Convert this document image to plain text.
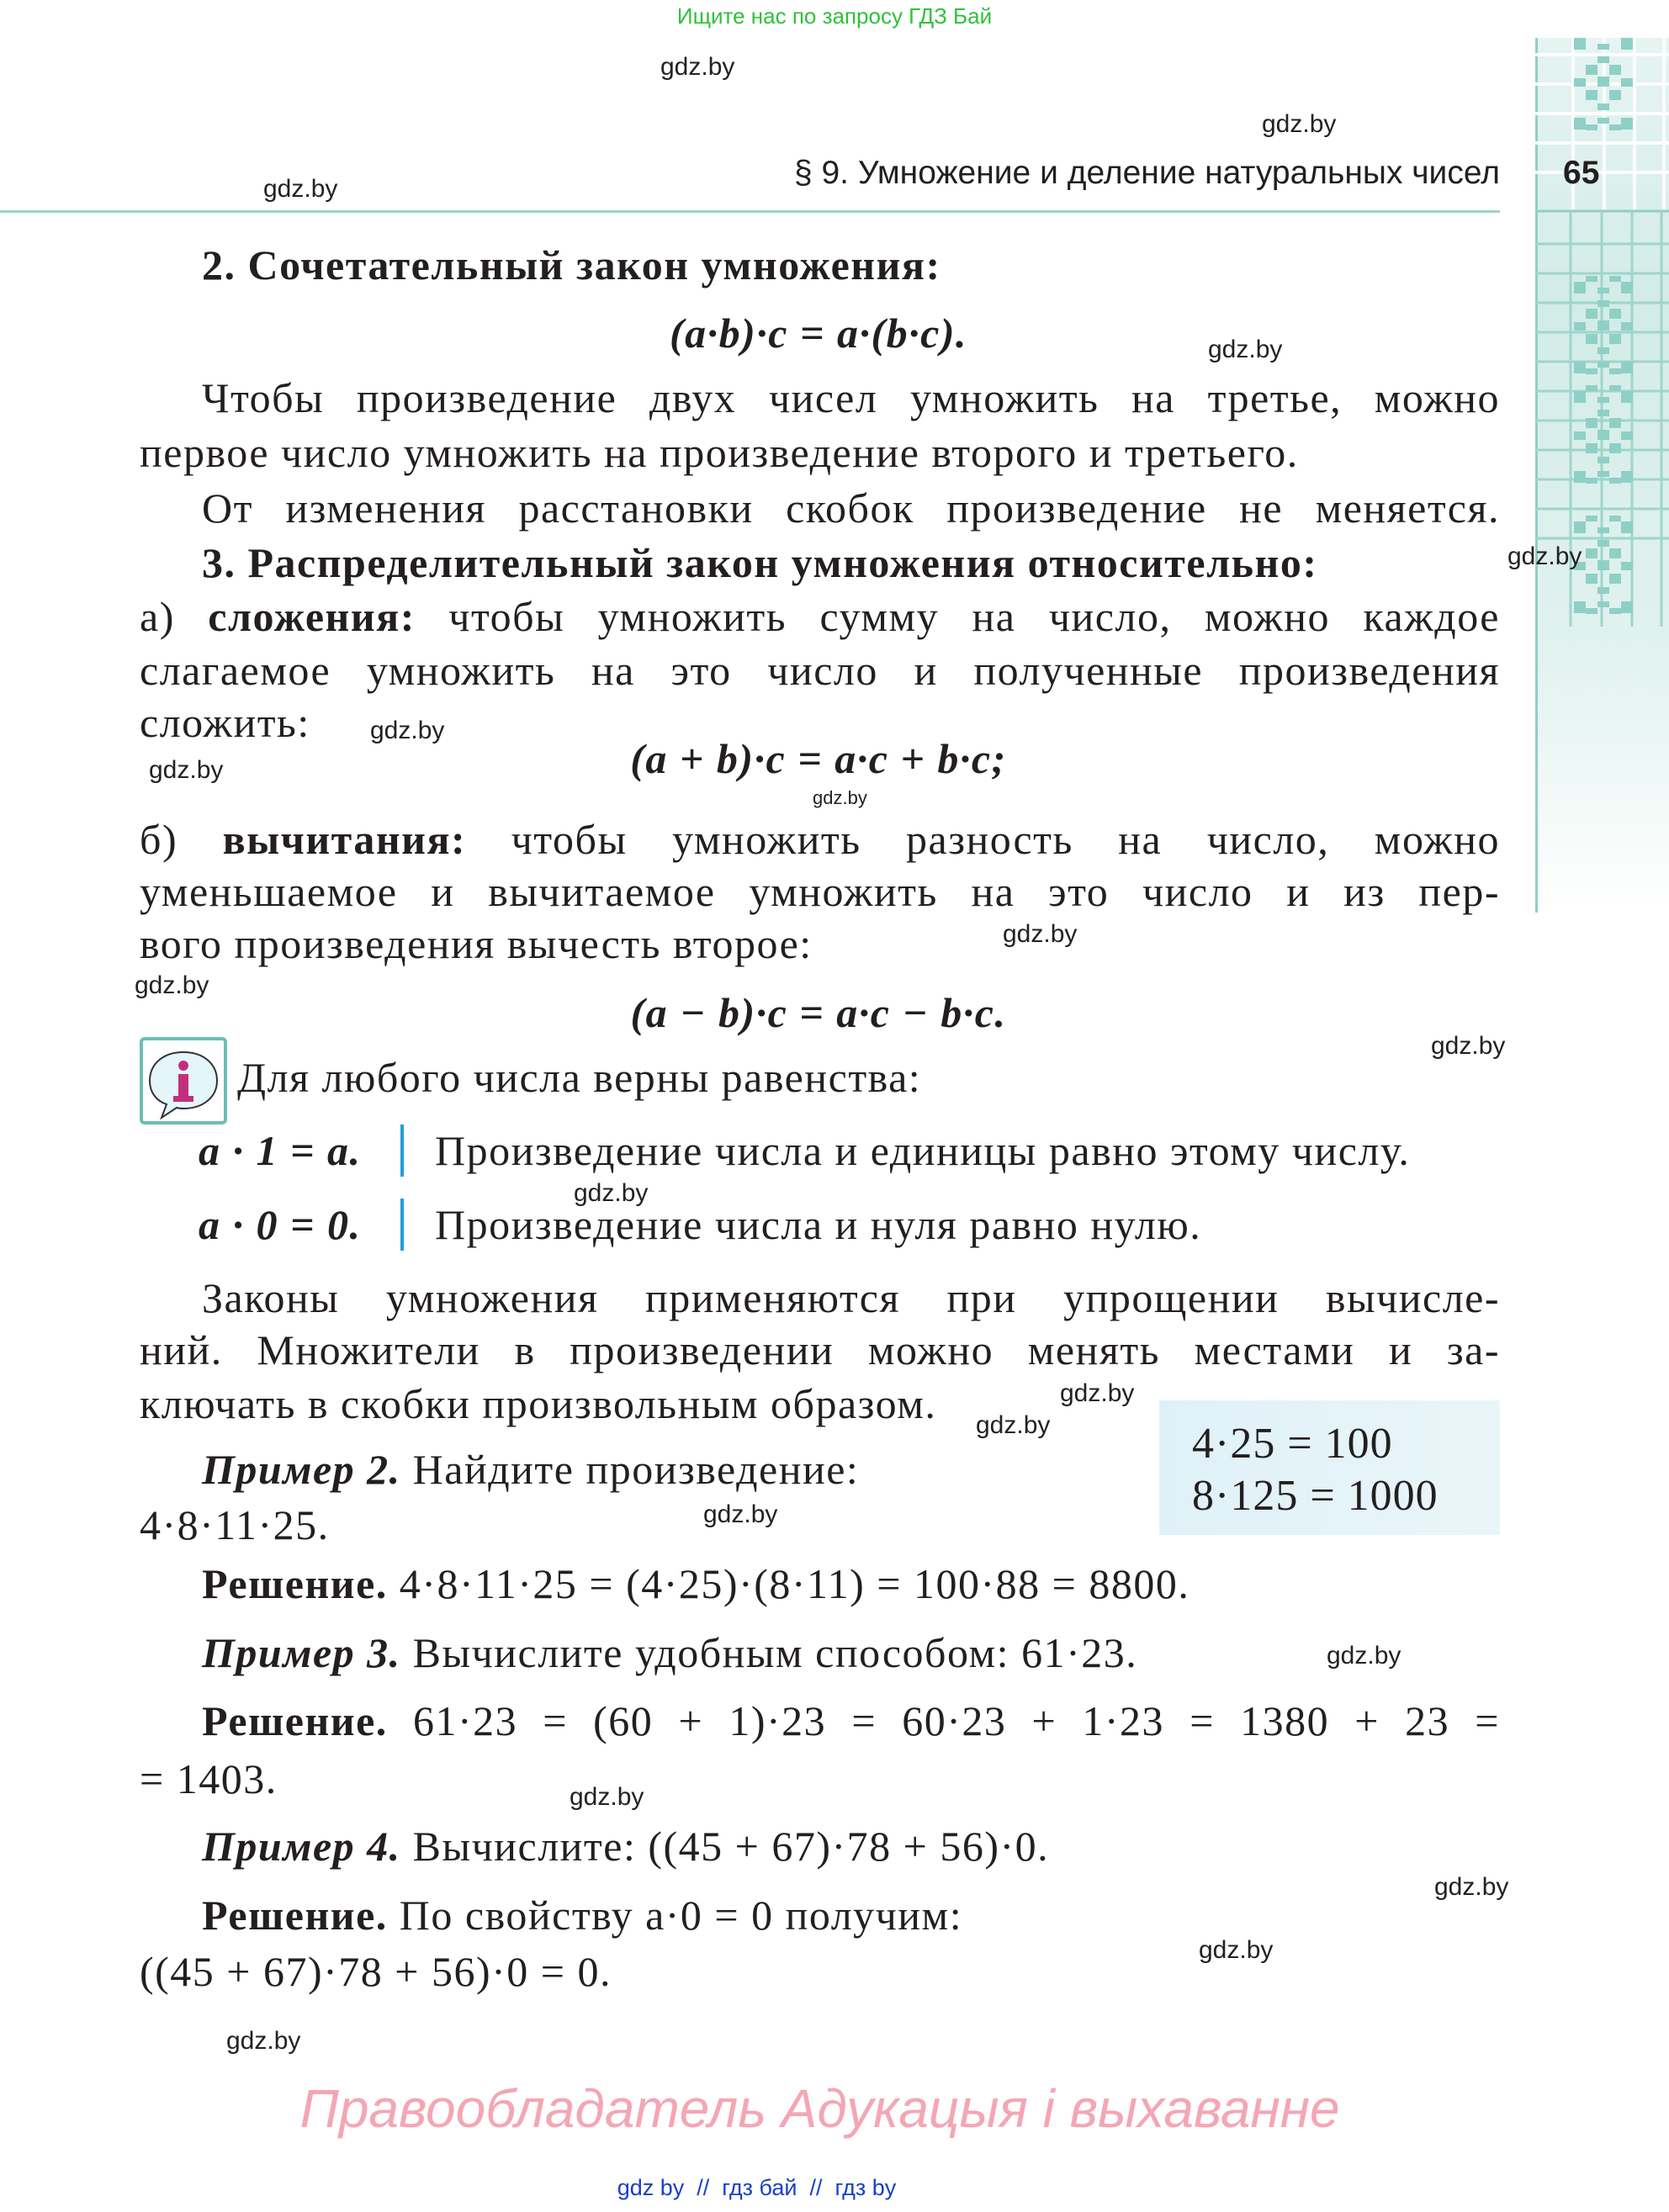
Ищите нас по запросу ГДЗ Бай
§ 9. Умножение и деление натуральных чисел 65
2. Сочетательный закон умножения:
(a·b)·c = a·(b·c).
Чтобы произведение двух чисел умножить на третье, можно
первое число умножить на произведение второго и третьего.
От изменения расстановки скобок произведение не меняется.
3. Распределительный закон умножения относительно:
а) сложения: чтобы умножить сумму на число, можно каждое
слагаемое умножить на это число и полученные произведения
сложить:
(a + b)·c = a·c + b·c;
б) вычитания: чтобы умножить разность на число, можно
уменьшаемое и вычитаемое умножить на это число и из пер-
вого произведения вычесть второе:
(a − b)·c = a·c − b·c.
Для любого числа верны равенства:
a · 1 = a. Произведение числа и единицы равно этому числу.
a · 0 = 0. Произведение числа и нуля равно нулю.
Законы умножения применяются при упрощении вычисле-
ний. Множители в произведении можно менять местами и за-
ключать в скобки произвольным образом.
4·25 = 100
8·125 = 1000
Пример 2. Найдите произведение:
4·8·11·25.
Решение. 4·8·11·25 = (4·25)·(8·11) = 100·88 = 8800.
Пример 3. Вычислите удобным способом: 61·23.
Решение. 61·23 = (60 + 1)·23 = 60·23 + 1·23 = 1380 + 23 =
= 1403.
Пример 4. Вычислите: ((45 + 67)·78 + 56)·0.
Решение. По свойству a·0 = 0 получим:
((45 + 67)·78 + 56)·0 = 0.
gdz.by
gdz.by
gdz.by
gdz.by
gdz.by
gdz.by
gdz.by
gdz.by
gdz.by
gdz.by
gdz.by
gdz.by
gdz.by
gdz.by
gdz.by
gdz.by
gdz.by
gdz.by
gdz.by
gdz.by
Правообладатель Адукацыя і выхаванне
gdz by  //  гдз бай  //  гдз by
